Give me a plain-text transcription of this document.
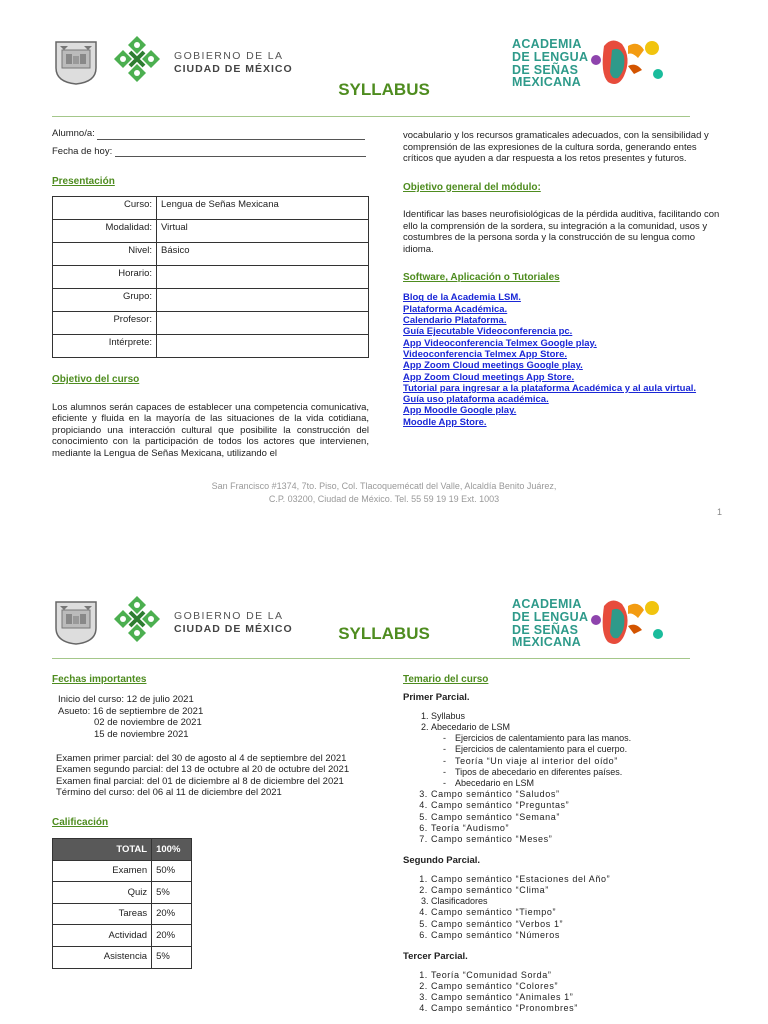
GOBIERNO DE LA
CIUDAD DE MÉXICO
ACADEMIA
DE LENGUA
DE SEÑAS
MEXICANA
SYLLABUS
Alumno/a:
Fecha de hoy:
Presentación
Curso:	Lengua de Señas Mexicana
Modalidad:	Virtual
Nivel:	Básico
Horario:	
Grupo:	
Profesor:	
Intérprete:	
Objetivo del curso

Los alumnos serán capaces de establecer una competencia comunicativa, eficiente y fluida en la mayoría de las situaciones de la vida cotidiana, propiciando una interacción cultural que posibilite la construcción del conocimiento con la participación de todos los actores que intervienen, mediante la Lengua de Señas Mexicana, utilizando el

vocabulario y los recursos gramaticales adecuados, con la sensibilidad y comprensión de las expresiones de la cultura sorda, generando entes críticos que ayuden a dar respuesta a los retos presentes y futuros.

Objetivo general del módulo:

Identificar las bases neurofisiológicas de la pérdida auditiva, facilitando con ello la comprensión de la sordera, su integración a la comunidad, usos y costumbres de la persona sorda y la construcción de su lengua como idioma.

Software, Aplicación o Tutoriales
Blog de la Academia LSM.
Plataforma Académica.
Calendario Plataforma.
Guía Ejecutable Videoconferencia pc.
App Videoconferencia Telmex Google play.
Videoconferencia Telmex App Store.
App Zoom Cloud meetings Google play.
App Zoom Cloud meetings App Store.
Tutorial para ingresar a la plataforma Académica y al aula virtual.
Guía uso plataforma académica.
App Moodle Google play.
Moodle App Store.
San Francisco #1374, 7to. Piso, Col. Tlacoquemécatl del Valle, Alcaldía Benito Juárez,
C.P. 03200, Ciudad de México. Tel. 55 59 19 19 Ext. 1003
1
GOBIERNO DE LA
CIUDAD DE MÉXICO
ACADEMIA
DE LENGUA
DE SEÑAS
MEXICANA
SYLLABUS
Fechas importantes
Inicio del curso: 12 de julio 2021
Asueto: 16 de septiembre de 2021
02 de noviembre de 2021
15 de noviembre 2021
Examen primer parcial: del 30 de agosto al 4 de septiembre del 2021
Examen segundo parcial: del 13 de octubre al 20 de octubre del 2021
Examen final parcial: del 01 de diciembre al 8 de diciembre del 2021
Término del curso: del 06 al 11 de diciembre del 2021
Calificación
TOTAL	100%
Examen	50%
Quiz	5%
Tareas	20%
Actividad	20%
Asistencia	5%
Temario del curso
Primer Parcial.
1. Syllabus
2. Abecedario de LSM
- Ejercicios de calentamiento para las manos.
- Ejercicios de calentamiento para el cuerpo.
- Teoría “Un viaje al interior del oído”
- Tipos de abecedario en diferentes países.
- Abecedario en LSM
3. Campo semántico “Saludos”
4. Campo semántico “Preguntas”
5. Campo semántico “Semana”
6. Teoría “Audismo”
7. Campo semántico “Meses”
Segundo Parcial.
1. Campo semántico “Estaciones del Año”
2. Campo semántico “Clima”
3. Clasificadores
4. Campo semántico “Tiempo”
5. Campo semántico “Verbos 1”
6. Campo semántico “Números
Tercer Parcial.
1. Teoría “Comunidad Sorda”
2. Campo semántico “Colores”
3. Campo semántico “Animales 1”
4. Campo semántico “Pronombres”
